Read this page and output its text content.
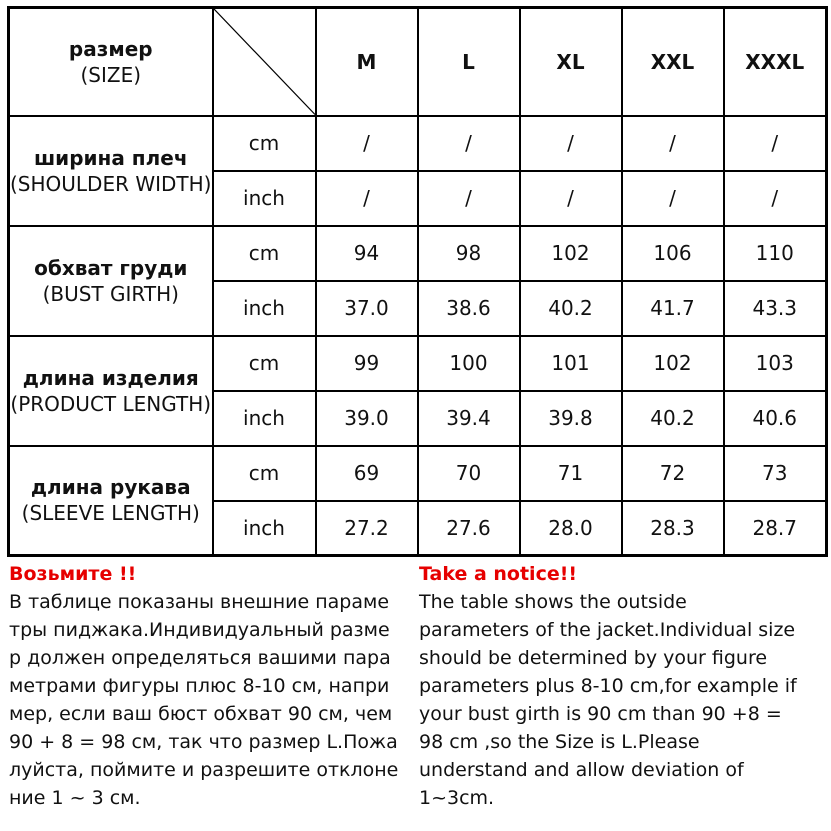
размер
(SIZE)		M	L	XL	XXL	XXXL
ширина плеч
(SHOULDER WIDTH)	cm	/	/	/	/	/
	inch	/	/	/	/	/
обхват груди
(BUST GIRTH)	cm	94	98	102	106	110
	inch	37.0	38.6	40.2	41.7	43.3
длина изделия
(PRODUCT LENGTH)	cm	99	100	101	102	103
	inch	39.0	39.4	39.8	40.2	40.6
длина рукава
(SLEEVE LENGTH)	cm	69	70	71	72	73
	inch	27.2	27.6	28.0	28.3	28.7
Возьмите !!
В таблице показаны внешние параме
тры пиджака.Индивидуальный разме
р должен определяться вашими пара
метрами фигуры плюс 8-10 см, напри
мер, если ваш бюст обхват 90 см, чем
90 + 8 = 98 см, так что размер L.Пожа
луйста, поймите и разрешите отклоне
ние 1 ~ 3 см.
Take a notice!!
The table shows the outside
parameters of the jacket.Individual size
should be determined by your figure
parameters plus 8-10 cm,for example if
your bust girth is 90 cm than 90 +8 =
98 cm ,so the Size is L.Please
understand and allow deviation of
1~3cm.
